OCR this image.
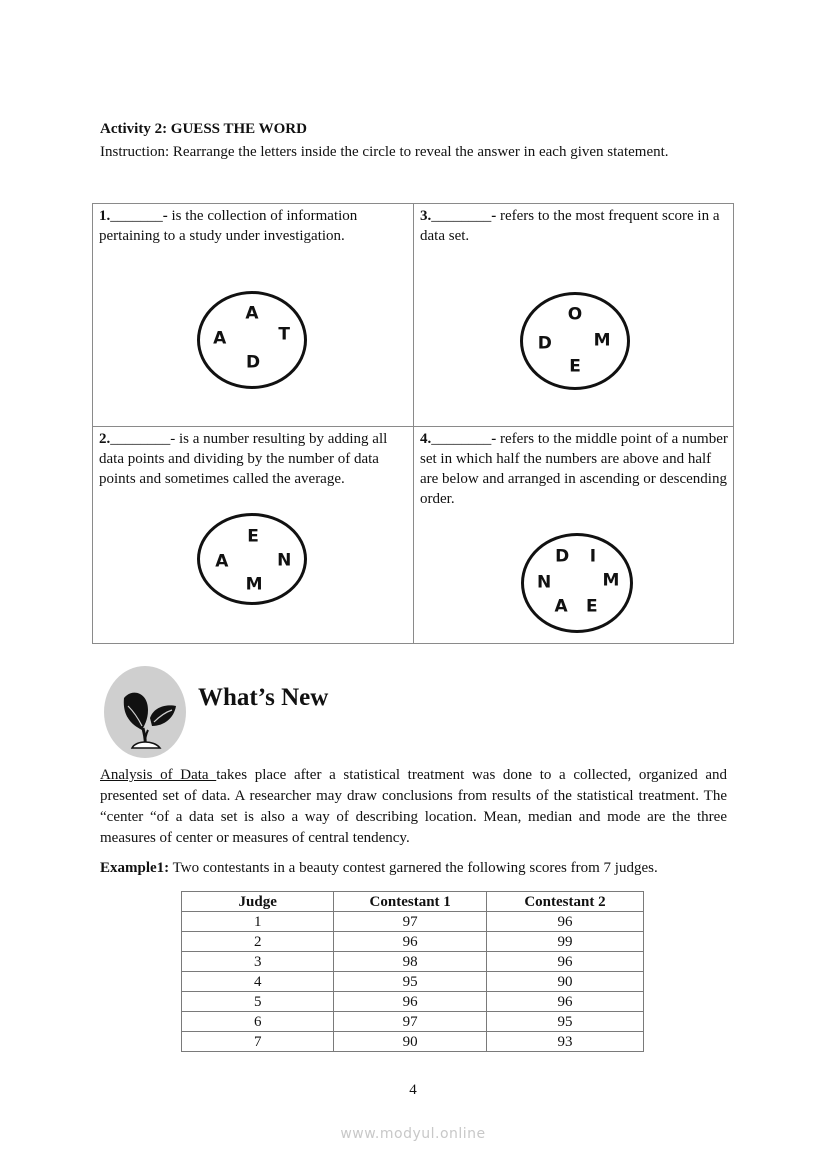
Activity 2: GUESS THE WORD
Instruction: Rearrange the letters inside the circle to reveal the answer in each given statement.
1._______- is the collection of information pertaining to a study under investigation.
A
A	T
D
3.________- refers to the most frequent score in a data set.
O
D M
E
2.________- is a number resulting by adding all data points and dividing by the number of data points and sometimes called the average.
E
A	N
M
4.________- refers to the middle point of a number set in which half the numbers are above and half are below and arranged in ascending or descending order.
D I
N	M
A E
What’s New
Analysis of Data takes place after a statistical treatment was done to a collected, organized and presented set of data. A researcher may draw conclusions from results of the statistical treatment. The “center “of a data set is also a way of describing location. Mean, median and mode are the three measures of center or measures of central tendency.
Example1: Two contestants in a beauty contest garnered the following scores from 7 judges.
Judge	Contestant 1	Contestant 2
1	97	96
2	96	99
3	98	96
4	95	90
5	96	96
6	97	95
7	90	93
4
www.modyul.online
